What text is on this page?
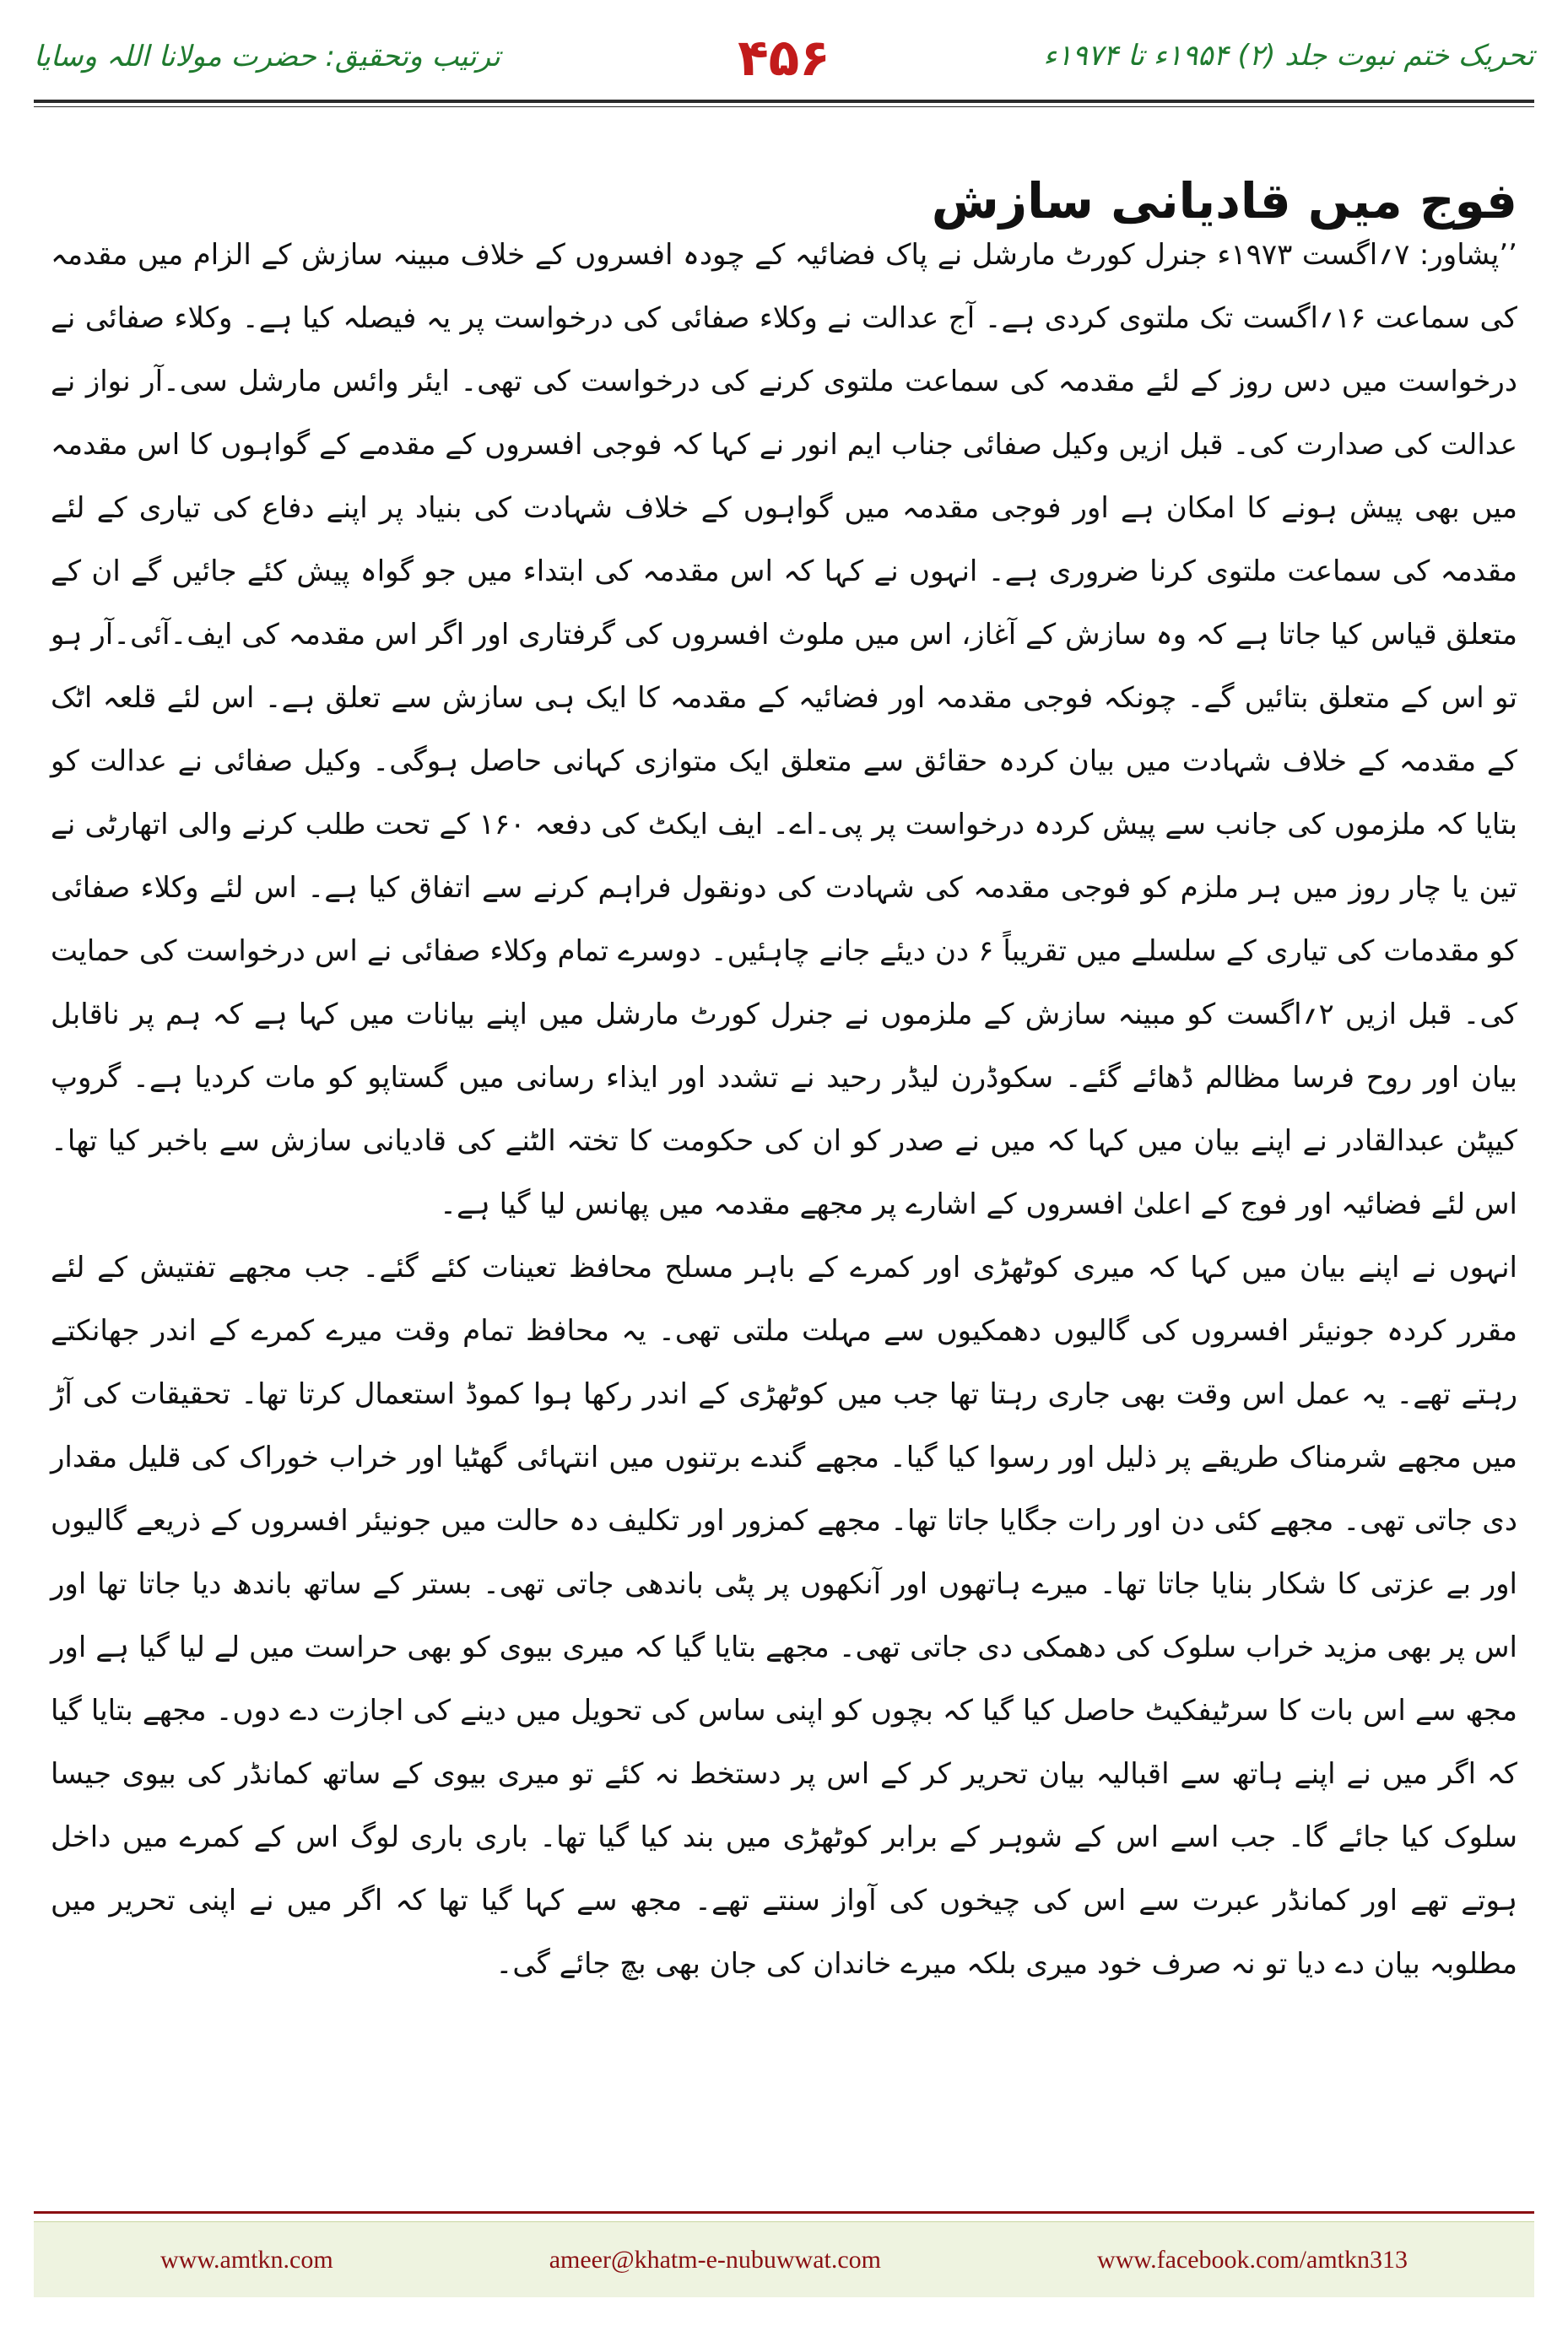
تحریک ختم نبوت جلد (۲) ۱۹۵۴ء تا ۱۹۷۴ء
۴۵۶
ترتیب وتحقیق: حضرت مولانا اللہ وسایا
فوج میں قادیانی سازش

’’پشاور: ۷؍اگست ۱۹۷۳ء جنرل کورٹ مارشل نے پاک فضائیہ کے چودہ افسروں کے خلاف مبینہ سازش کے الزام میں مقدمہ کی سماعت ۱۶؍اگست تک ملتوی کردی ہے۔ آج عدالت نے وکلاء صفائی کی درخواست پر یہ فیصلہ کیا ہے۔ وکلاء صفائی نے درخواست میں دس روز کے لئے مقدمہ کی سماعت ملتوی کرنے کی درخواست کی تھی۔ ایئر وائس مارشل سی۔آر نواز نے عدالت کی صدارت کی۔ قبل ازیں وکیل صفائی جناب ایم انور نے کہا کہ فوجی افسروں کے مقدمے کے گواہوں کا اس مقدمہ میں بھی پیش ہونے کا امکان ہے اور فوجی مقدمہ میں گواہوں کے خلاف شہادت کی بنیاد پر اپنے دفاع کی تیاری کے لئے مقدمہ کی سماعت ملتوی کرنا ضروری ہے۔ انہوں نے کہا کہ اس مقدمہ کی ابتداء میں جو گواہ پیش کئے جائیں گے ان کے متعلق قیاس کیا جاتا ہے کہ وہ سازش کے آغاز، اس میں ملوث افسروں کی گرفتاری اور اگر اس مقدمہ کی ایف۔آئی۔آر ہو تو اس کے متعلق بتائیں گے۔ چونکہ فوجی مقدمہ اور فضائیہ کے مقدمہ کا ایک ہی سازش سے تعلق ہے۔ اس لئے قلعہ اٹک کے مقدمہ کے خلاف شہادت میں بیان کردہ حقائق سے متعلق ایک متوازی کہانی حاصل ہوگی۔ وکیل صفائی نے عدالت کو بتایا کہ ملزموں کی جانب سے پیش کردہ درخواست پر پی۔اے۔ ایف ایکٹ کی دفعہ ۱۶۰ کے تحت طلب کرنے والی اتھارٹی نے تین یا چار روز میں ہر ملزم کو فوجی مقدمہ کی شہادت کی دونقول فراہم کرنے سے اتفاق کیا ہے۔ اس لئے وکلاء صفائی کو مقدمات کی تیاری کے سلسلے میں تقریباً ۶ دن دیئے جانے چاہئیں۔ دوسرے تمام وکلاء صفائی نے اس درخواست کی حمایت کی۔ قبل ازیں ۲؍اگست کو مبینہ سازش کے ملزموں نے جنرل کورٹ مارشل میں اپنے بیانات میں کہا ہے کہ ہم پر ناقابل بیان اور روح فرسا مظالم ڈھائے گئے۔ سکوڈرن لیڈر رحید نے تشدد اور ایذاء رسانی میں گستاپو کو مات کردیا ہے۔ گروپ کیپٹن عبدالقادر نے اپنے بیان میں کہا کہ میں نے صدر کو ان کی حکومت کا تختہ الٹنے کی قادیانی سازش سے باخبر کیا تھا۔ اس لئے فضائیہ اور فوج کے اعلیٰ افسروں کے اشارے پر مجھے مقدمہ میں پھانس لیا گیا ہے۔

انہوں نے اپنے بیان میں کہا کہ میری کوٹھڑی اور کمرے کے باہر مسلح محافظ تعینات کئے گئے۔ جب مجھے تفتیش کے لئے مقرر کردہ جونیئر افسروں کی گالیوں دھمکیوں سے مہلت ملتی تھی۔ یہ محافظ تمام وقت میرے کمرے کے اندر جھانکتے رہتے تھے۔ یہ عمل اس وقت بھی جاری رہتا تھا جب میں کوٹھڑی کے اندر رکھا ہوا کموڈ استعمال کرتا تھا۔ تحقیقات کی آڑ میں مجھے شرمناک طریقے پر ذلیل اور رسوا کیا گیا۔ مجھے گندے برتنوں میں انتہائی گھٹیا اور خراب خوراک کی قلیل مقدار دی جاتی تھی۔ مجھے کئی دن اور رات جگایا جاتا تھا۔ مجھے کمزور اور تکلیف دہ حالت میں جونیئر افسروں کے ذریعے گالیوں اور بے عزتی کا شکار بنایا جاتا تھا۔ میرے ہاتھوں اور آنکھوں پر پٹی باندھی جاتی تھی۔ بستر کے ساتھ باندھ دیا جاتا تھا اور اس پر بھی مزید خراب سلوک کی دھمکی دی جاتی تھی۔ مجھے بتایا گیا کہ میری بیوی کو بھی حراست میں لے لیا گیا ہے اور مجھ سے اس بات کا سرٹیفکیٹ حاصل کیا گیا کہ بچوں کو اپنی ساس کی تحویل میں دینے کی اجازت دے دوں۔ مجھے بتایا گیا کہ اگر میں نے اپنے ہاتھ سے اقبالیہ بیان تحریر کر کے اس پر دستخط نہ کئے تو میری بیوی کے ساتھ کمانڈر کی بیوی جیسا سلوک کیا جائے گا۔ جب اسے اس کے شوہر کے برابر کوٹھڑی میں بند کیا گیا تھا۔ باری باری لوگ اس کے کمرے میں داخل ہوتے تھے اور کمانڈر عبرت سے اس کی چیخوں کی آواز سنتے تھے۔ مجھ سے کہا گیا تھا کہ اگر میں نے اپنی تحریر میں مطلوبہ بیان دے دیا تو نہ صرف خود میری بلکہ میرے خاندان کی جان بھی بچ جائے گی۔

www.amtkn.com	ameer@khatm-e-nubuwwat.com	www.facebook.com/amtkn313
